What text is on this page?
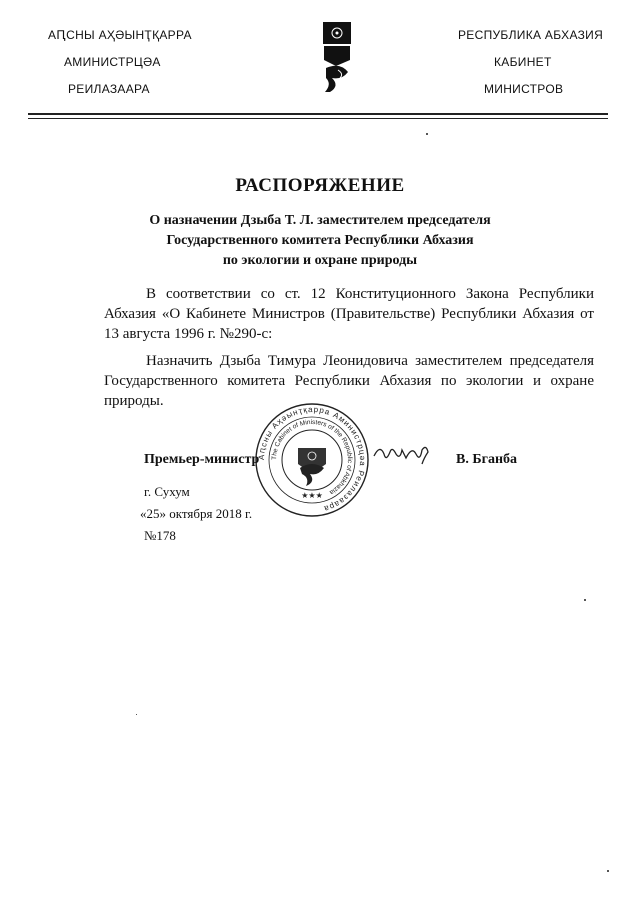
АԤСНЫ АҲӘЫНҬҚАРРА
АМИНИСТРЦӘА
РЕИЛАЗААРА
РЕСПУБЛИКА АБХАЗИЯ
КАБИНЕТ
МИНИСТРОВ
РАСПОРЯЖЕНИЕ
О назначении Дзыба Т. Л. заместителем председателя
Государственного комитета Республики Абхазия
по экологии и охране природы
В соответствии со ст. 12 Конституционного Закона Республики Абхазия «О Кабинете Министров (Правительстве) Республики Абхазия от 13 августа 1996 г. №290-с:
Назначить Дзыба Тимура Леонидовича заместителем председателя Государственного комитета Республики Абхазия по экологии и охране природы.
Аԥсны Аҳәынҭқарра Аминистрцәа Реилазаара
The Cabinet of Ministers of the Republic of Abkhazia
★★★
Премьер-министр	В. Бганба
г. Сухум
«25» октября 2018 г.
№178
